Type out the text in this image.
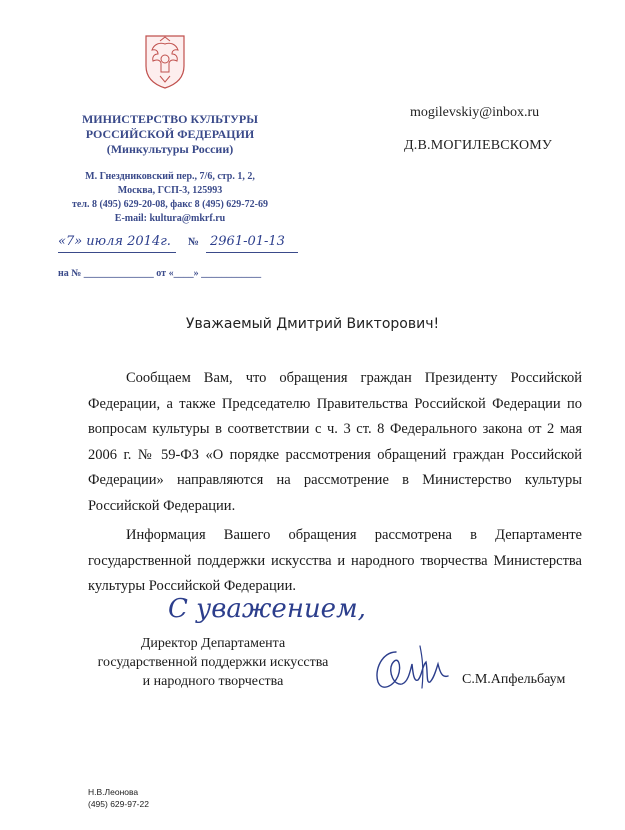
МИНИСТЕРСТВО КУЛЬТУРЫ
РОССИЙСКОЙ ФЕДЕРАЦИИ
(Минкультуры России)
М. Гнездниковский пер., 7/6, стр. 1, 2,
Москва, ГСП-3, 125993
тел. 8 (495) 629-20-08, факс 8 (495) 629-72-69
E-mail: kultura@mkrf.ru
«7» июля 2014г. № 2961-01-13
на № ______________ от «____» ____________
mogilevskiy@inbox.ru
Д.В.МОГИЛЕВСКОМУ
Уважаемый Дмитрий Викторович!

Сообщаем Вам, что обращения граждан Президенту Российской Федерации, а также Председателю Правительства Российской Федерации по вопросам культуры в соответствии с ч. 3 ст. 8 Федерального закона от 2 мая 2006 г. № 59-ФЗ «О порядке рассмотрения обращений граждан Российской Федерации» направляются на рассмотрение в Министерство культуры Российской Федерации.

Информация Вашего обращения рассмотрена в Департаменте государственной поддержки искусства и народного творчества Министерства культуры Российской Федерации.

С уважением,
Директор Департамента
государственной поддержки искусства
и народного творчества	С.М.Апфельбаум
Н.В.Леонова
(495) 629-97-22
